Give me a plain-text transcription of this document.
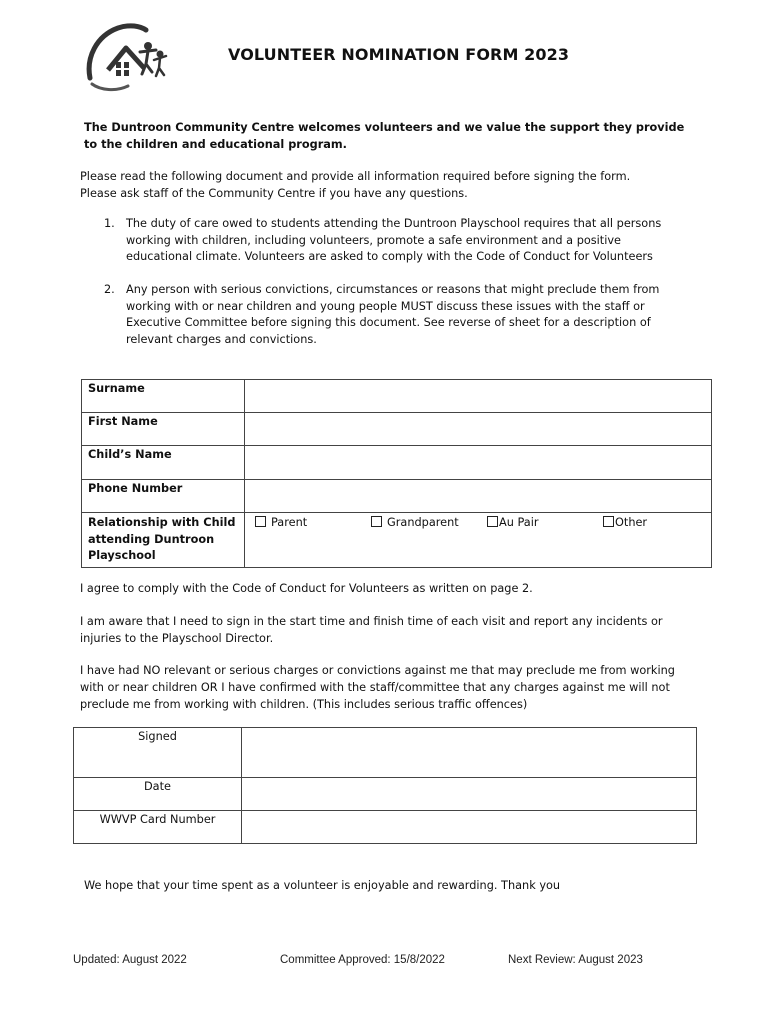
VOLUNTEER NOMINATION FORM 2023
The Duntroon Community Centre welcomes volunteers and we value the support they provide to the children and educational program.
Please read the following document and provide all information required before signing the form.
Please ask staff of the Community Centre if you have any questions.
1. The duty of care owed to students attending the Duntroon Playschool requires that all persons working with children, including volunteers, promote a safe environment and a positive educational climate. Volunteers are asked to comply with the Code of Conduct for Volunteers
2. Any person with serious convictions, circumstances or reasons that might preclude them from working with or near children and young people MUST discuss these issues with the staff or Executive Committee before signing this document. See reverse of sheet for a description of relevant charges and convictions.
Surname	
First Name	
Child’s Name	
Phone Number	
Relationship with Child attending Duntroon Playschool	Parent Grandparent Au Pair Other
I agree to comply with the Code of Conduct for Volunteers as written on page 2.
I am aware that I need to sign in the start time and finish time of each visit and report any incidents or injuries to the Playschool Director.
I have had NO relevant or serious charges or convictions against me that may preclude me from working with or near children OR I have confirmed with the staff/committee that any charges against me will not preclude me from working with children. (This includes serious traffic offences)
Signed	
Date	
WWVP Card Number	
We hope that your time spent as a volunteer is enjoyable and rewarding. Thank you
Updated: August 2022	Committee Approved: 15/8/2022	Next Review: August 2023
